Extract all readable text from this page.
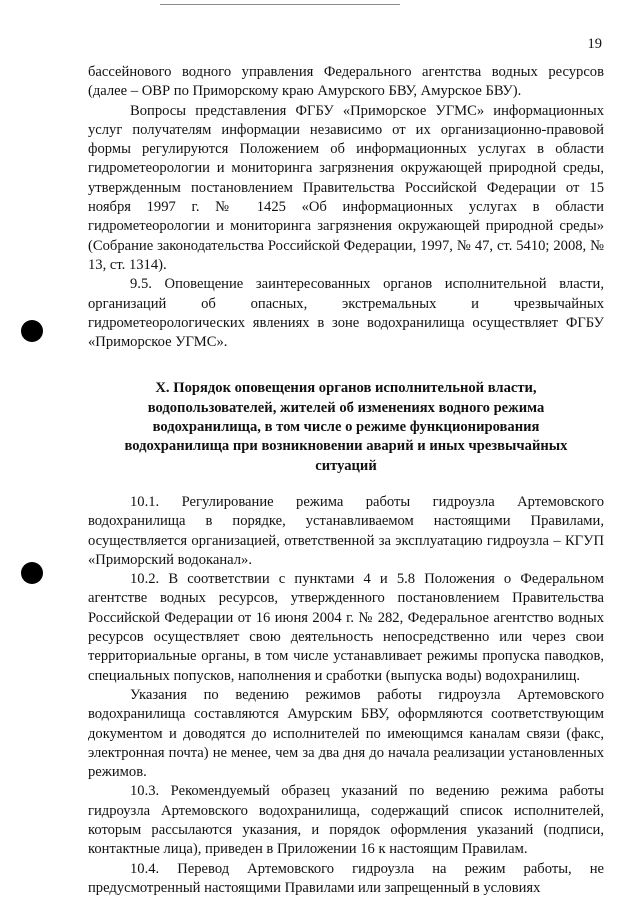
19

бассейнового водного управления Федерального агентства водных ресурсов (далее – ОВР по Приморскому краю Амурского БВУ, Амурское БВУ).

Вопросы представления ФГБУ «Приморское УГМС» информационных услуг получателям информации независимо от их организационно-правовой формы регулируются Положением об информационных услугах в области гидрометеорологии и мониторинга загрязнения окружающей природной среды, утвержденным постановлением Правительства Российской Федерации от 15 ноября 1997 г. № 1425 «Об информационных услугах в области гидрометеорологии и мониторинга загрязнения окружающей природной среды» (Собрание законодательства Российской Федерации, 1997, № 47, ст. 5410; 2008, № 13, ст. 1314).

9.5. Оповещение заинтересованных органов исполнительной власти, организаций об опасных, экстремальных и чрезвычайных гидрометеорологических явлениях в зоне водохранилища осуществляет ФГБУ «Приморское УГМС».

X. Порядок оповещения органов исполнительной власти, водопользователей, жителей об изменениях водного режима водохранилища, в том числе о режиме функционирования водохранилища при возникновении аварий и иных чрезвычайных ситуаций

10.1. Регулирование режима работы гидроузла Артемовского водохранилища в порядке, устанавливаемом настоящими Правилами, осуществляется организацией, ответственной за эксплуатацию гидроузла – КГУП «Приморский водоканал».

10.2. В соответствии с пунктами 4 и 5.8 Положения о Федеральном агентстве водных ресурсов, утвержденного постановлением Правительства Российской Федерации от 16 июня 2004 г. № 282, Федеральное агентство водных ресурсов осуществляет свою деятельность непосредственно или через свои территориальные органы, в том числе устанавливает режимы пропуска паводков, специальных попусков, наполнения и сработки (выпуска воды) водохранилищ.

Указания по ведению режимов работы гидроузла Артемовского водохранилища составляются Амурским БВУ, оформляются соответствующим документом и доводятся до исполнителей по имеющимся каналам связи (факс, электронная почта) не менее, чем за два дня до начала реализации установленных режимов.

10.3. Рекомендуемый образец указаний по ведению режима работы гидроузла Артемовского водохранилища, содержащий список исполнителей, которым рассылаются указания, и порядок оформления указаний (подписи, контактные лица), приведен в Приложении 16 к настоящим Правилам.

10.4. Перевод Артемовского гидроузла на режим работы, не предусмотренный настоящими Правилами или запрещенный в условиях
